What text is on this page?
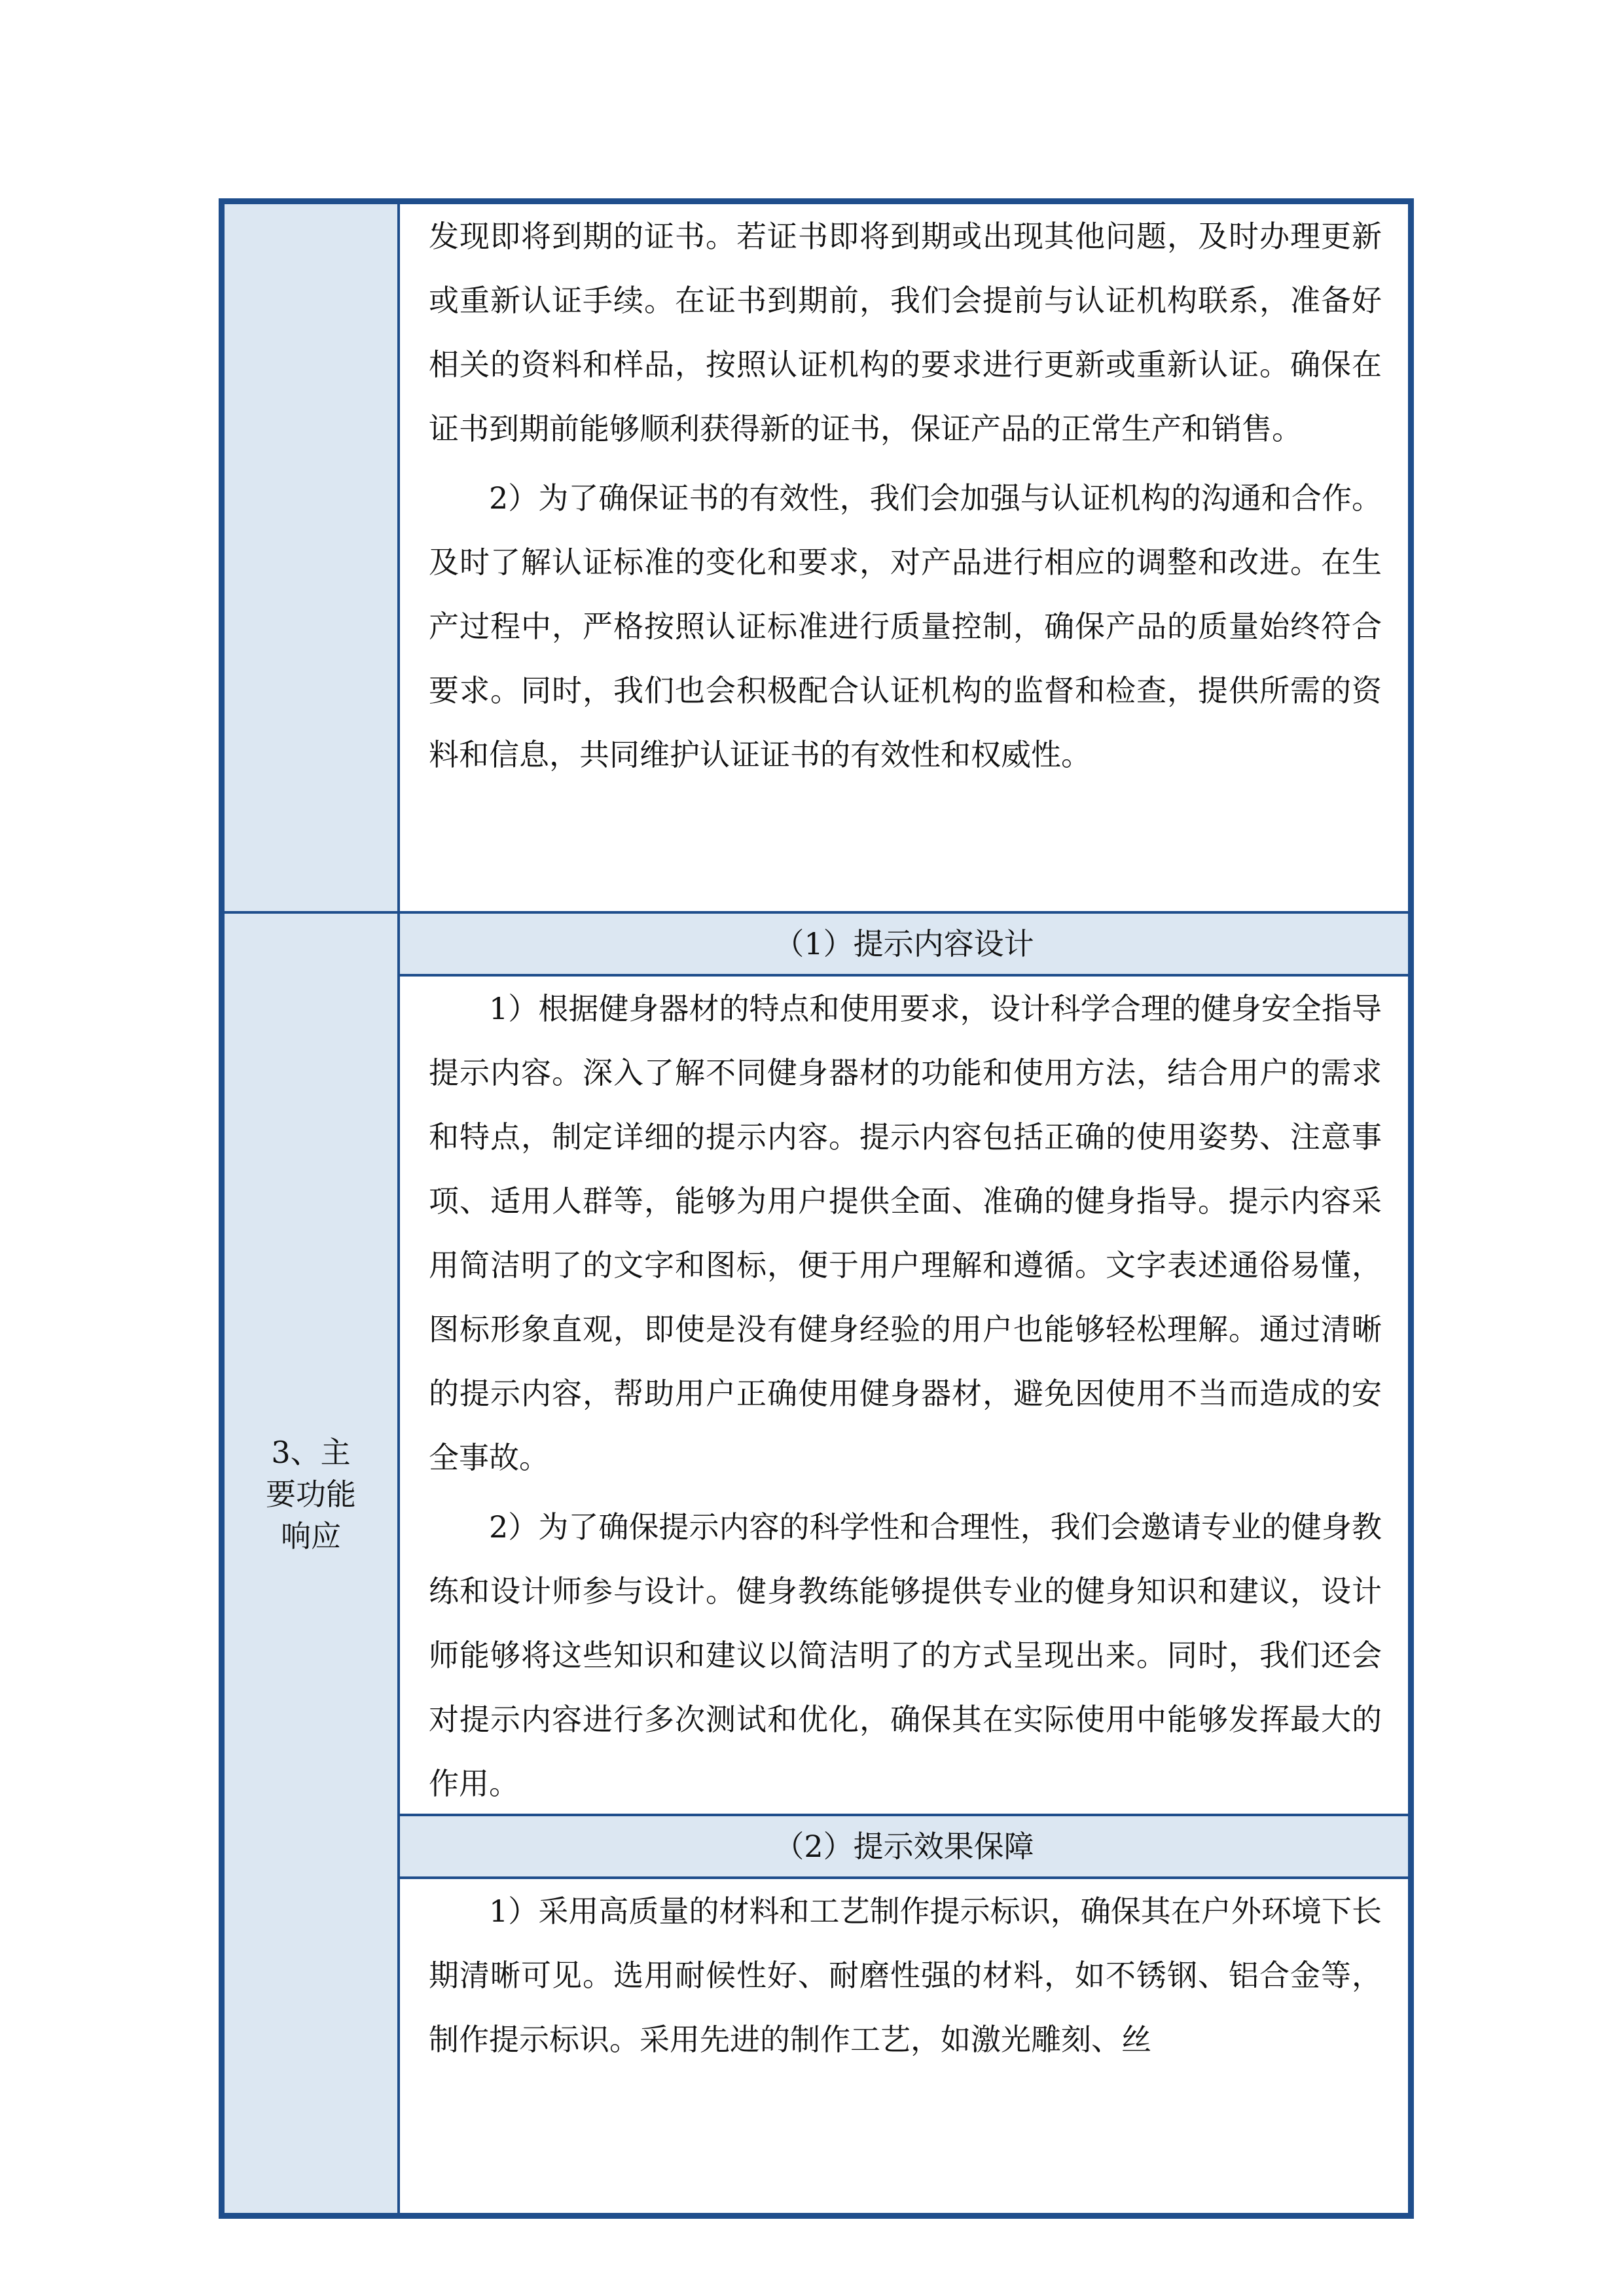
发现即将到期的证书。若证书即将到期或出现其他问题，及时办理更新或重新认证手续。在证书到期前，我们会提前与认证机构联系，准备好相关的资料和样品，按照认证机构的要求进行更新或重新认证。确保在证书到期前能够顺利获得新的证书，保证产品的正常生产和销售。

2）为了确保证书的有效性，我们会加强与认证机构的沟通和合作。及时了解认证标准的变化和要求，对产品进行相应的调整和改进。在生产过程中，严格按照认证标准进行质量控制，确保产品的质量始终符合要求。同时，我们也会积极配合认证机构的监督和检查，提供所需的资料和信息，共同维护认证证书的有效性和权威性。

3、主要功能响应
（1）提示内容设计

1）根据健身器材的特点和使用要求，设计科学合理的健身安全指导提示内容。深入了解不同健身器材的功能和使用方法，结合用户的需求和特点，制定详细的提示内容。提示内容包括正确的使用姿势、注意事项、适用人群等，能够为用户提供全面、准确的健身指导。提示内容采用简洁明了的文字和图标，便于用户理解和遵循。文字表述通俗易懂，图标形象直观，即使是没有健身经验的用户也能够轻松理解。通过清晰的提示内容，帮助用户正确使用健身器材，避免因使用不当而造成的安全事故。

2）为了确保提示内容的科学性和合理性，我们会邀请专业的健身教练和设计师参与设计。健身教练能够提供专业的健身知识和建议，设计师能够将这些知识和建议以简洁明了的方式呈现出来。同时，我们还会对提示内容进行多次测试和优化，确保其在实际使用中能够发挥最大的作用。

（2）提示效果保障

1）采用高质量的材料和工艺制作提示标识，确保其在户外环境下长期清晰可见。选用耐候性好、耐磨性强的材料，如不锈钢、铝合金等，制作提示标识。采用先进的制作工艺，如激光雕刻、丝
